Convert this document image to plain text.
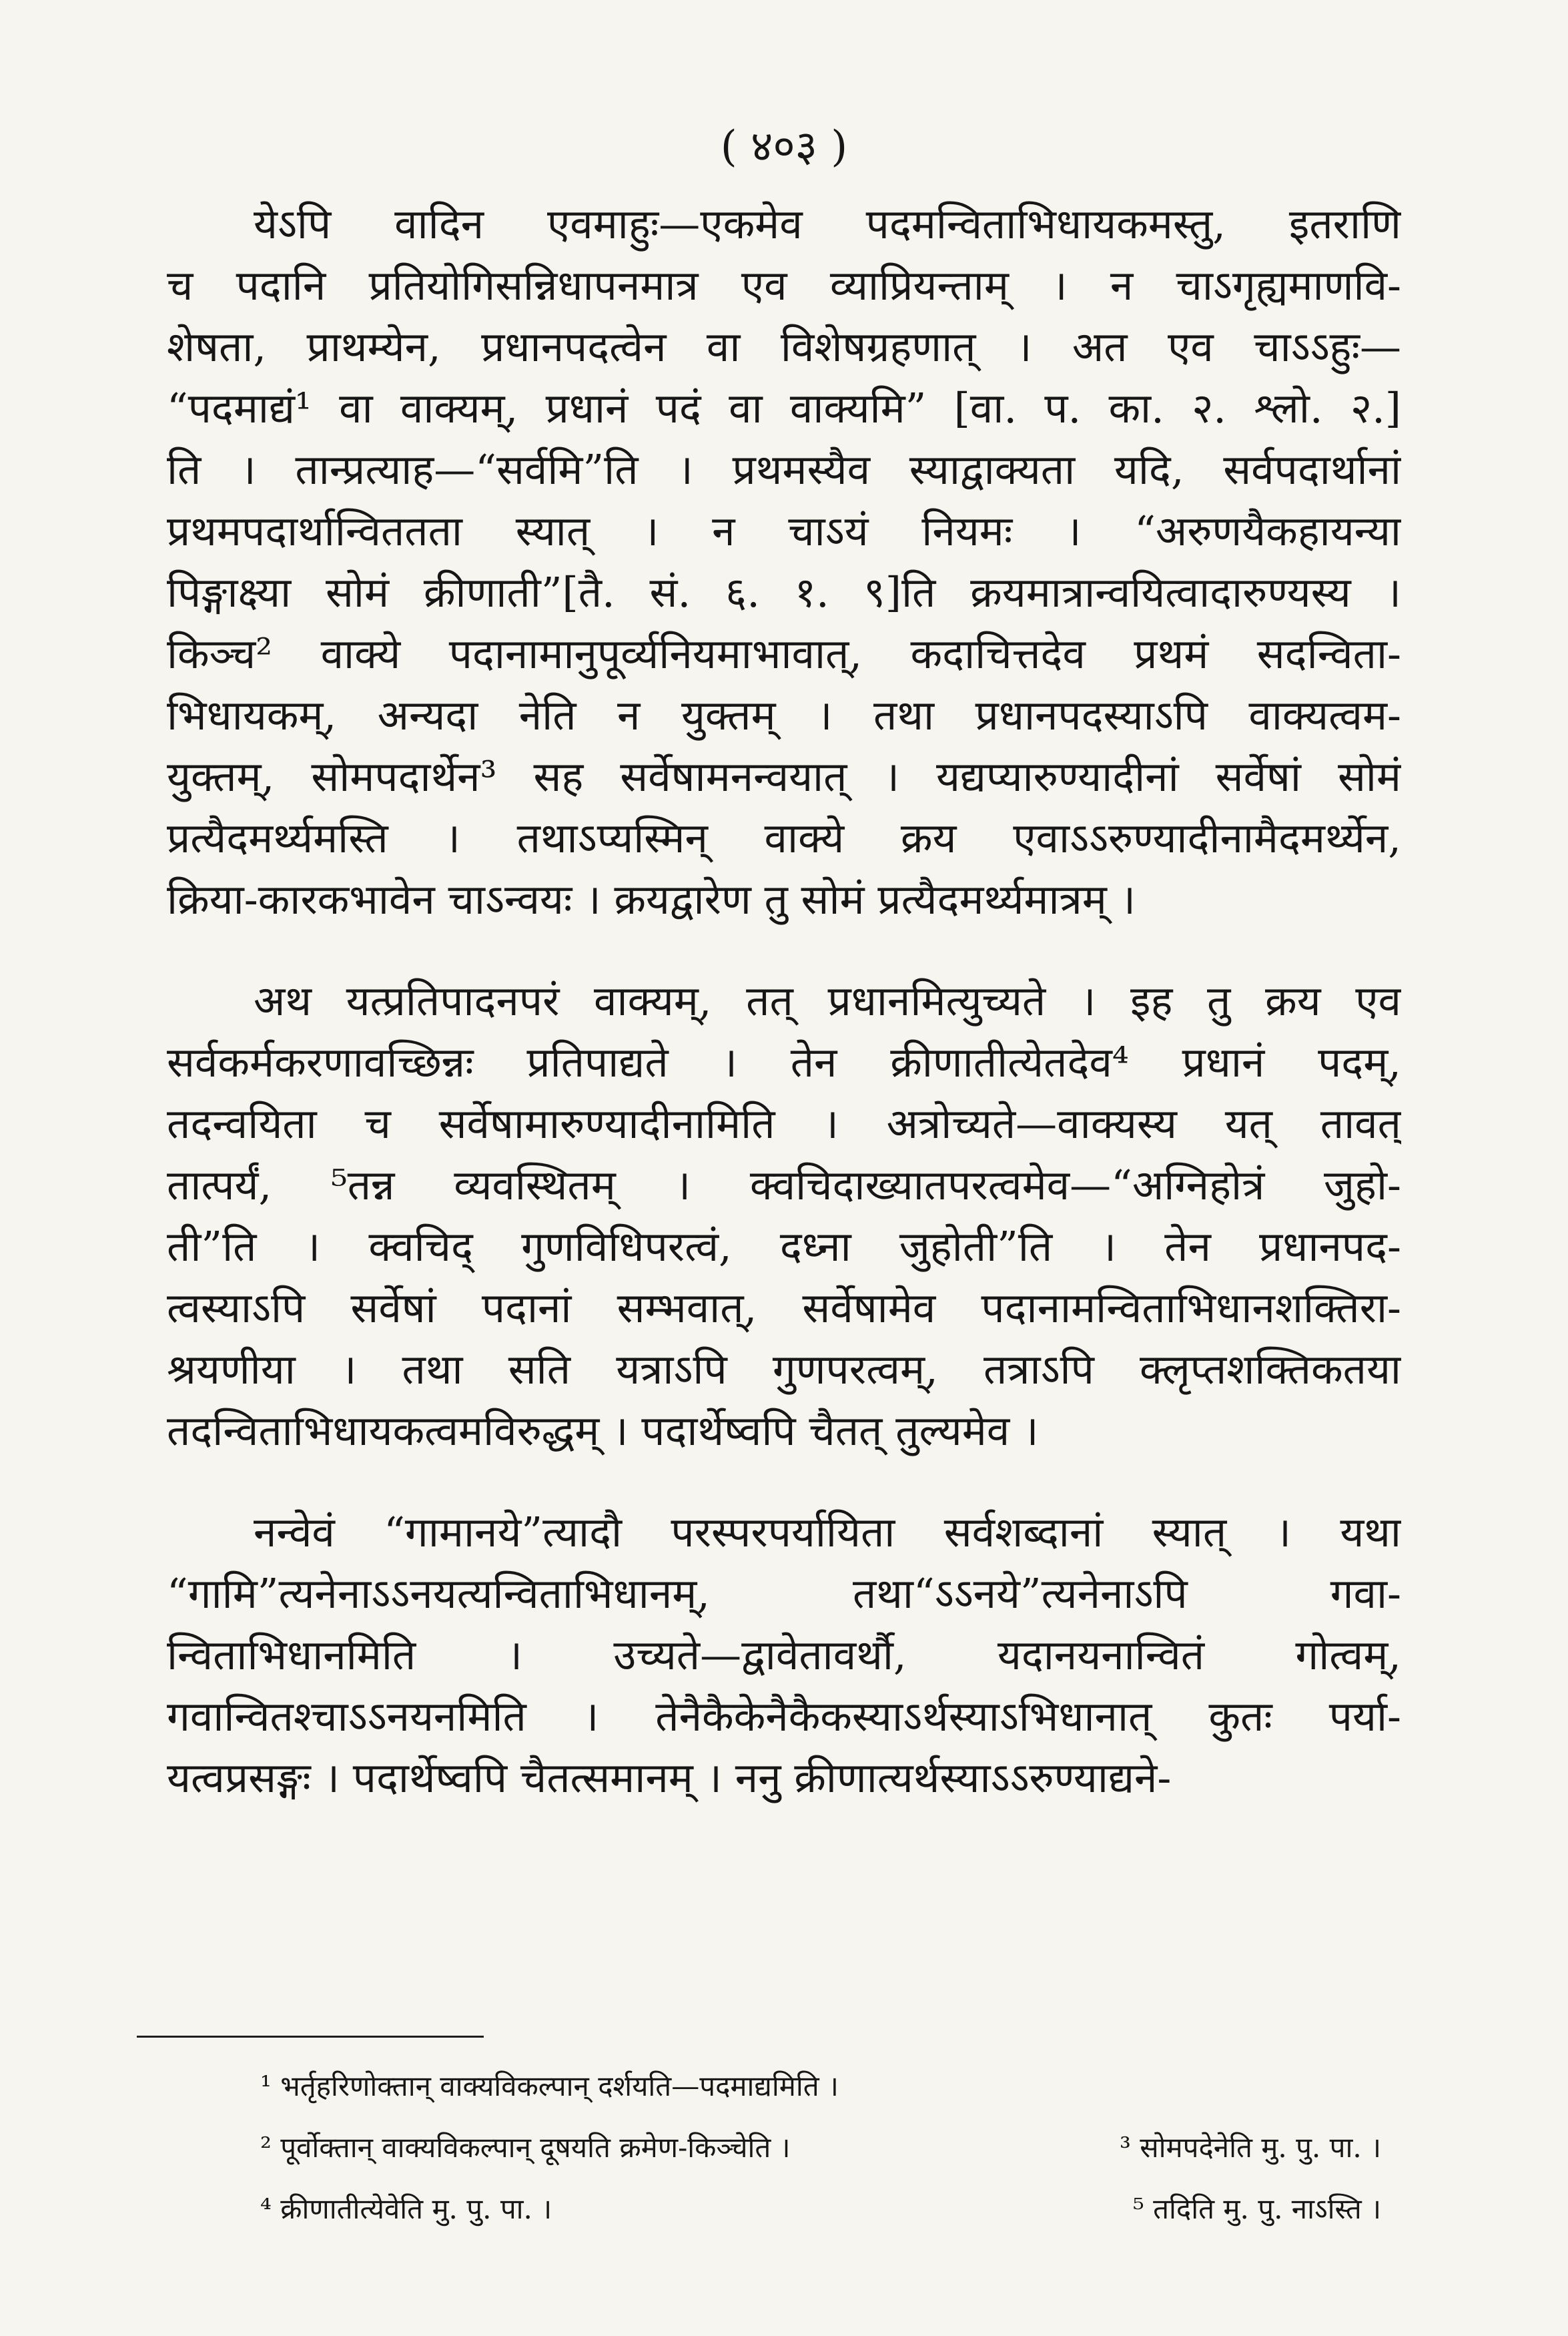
( ४०३ )
येऽपि वादिन एवमाहुः—एकमेव पदमन्विताभिधायकमस्तु, इतराणि
च पदानि प्रतियोगिसन्निधापनमात्र एव व्याप्रियन्ताम् । न चाऽगृह्यमाणवि-
शेषता, प्राथम्येन, प्रधानपदत्वेन वा विशेषग्रहणात् । अत एव चाऽऽहुः—
“पदमाद्यं¹ वा वाक्यम्, प्रधानं पदं वा वाक्यमि” [वा. प. का. २. श्लो. २.]
ति । तान्प्रत्याह—“सर्वमि”ति । प्रथमस्यैव स्याद्वाक्यता यदि, सर्वपदार्थानां
प्रथमपदार्थान्विततता स्यात् । न चाऽयं नियमः । “अरुणयैकहायन्या
पिङ्गाक्ष्या सोमं क्रीणाती”[तै. सं. ६. १. ९]ति क्रयमात्रान्वयित्वादारुण्यस्य ।
किञ्च² वाक्ये पदानामानुपूर्व्यनियमाभावात्, कदाचित्तदेव प्रथमं सदन्विता-
भिधायकम्, अन्यदा नेति न युक्तम् । तथा प्रधानपदस्याऽपि वाक्यत्वम-
युक्तम्, सोमपदार्थेन³ सह सर्वेषामनन्वयात् । यद्यप्यारुण्यादीनां सर्वेषां सोमं
प्रत्यैदमर्थ्यमस्ति । तथाऽप्यस्मिन् वाक्ये क्रय एवाऽऽरुण्यादीनामैदमर्थ्येन,
क्रिया-कारकभावेन चाऽन्वयः । क्रयद्वारेण तु सोमं प्रत्यैदमर्थ्यमात्रम् ।
अथ यत्प्रतिपादनपरं वाक्यम्, तत् प्रधानमित्युच्यते । इह तु क्रय एव
सर्वकर्मकरणावच्छिन्नः प्रतिपाद्यते । तेन क्रीणातीत्येतदेव⁴ प्रधानं पदम्,
तदन्वयिता च सर्वेषामारुण्यादीनामिति । अत्रोच्यते—वाक्यस्य यत् तावत्
तात्पर्यं, ⁵तन्न व्यवस्थितम् । क्वचिदाख्यातपरत्वमेव—“अग्निहोत्रं जुहो-
ती”ति । क्वचिद् गुणविधिपरत्वं, दध्ना जुहोती”ति । तेन प्रधानपद-
त्वस्याऽपि सर्वेषां पदानां सम्भवात्, सर्वेषामेव पदानामन्विताभिधानशक्तिरा-
श्रयणीया । तथा सति यत्राऽपि गुणपरत्वम्, तत्राऽपि क्लृप्तशक्तिकतया
तदन्विताभिधायकत्वमविरुद्धम् । पदार्थेष्वपि चैतत् तुल्यमेव ।
नन्वेवं “गामानये”त्यादौ परस्परपर्यायिता सर्वशब्दानां स्यात् । यथा
“गामि”त्यनेनाऽऽनयत्यन्विताभिधानम्, तथा“ऽऽनये”त्यनेनाऽपि गवा-
न्विताभिधानमिति । उच्यते—द्वावेतावर्थौ, यदानयनान्वितं गोत्वम्,
गवान्वितश्चाऽऽनयनमिति । तेनैकैकेनैकैकस्याऽर्थस्याऽभिधानात् कुतः पर्या-
यत्वप्रसङ्गः । पदार्थेष्वपि चैतत्समानम् । ननु क्रीणात्यर्थस्याऽऽरुण्याद्यने-
¹ भर्तृहरिणोक्तान् वाक्यविकल्पान् दर्शयति—पदमाद्यमिति ।
² पूर्वोक्तान् वाक्यविकल्पान् दूषयति क्रमेण-किञ्चेति ।	³ सोमपदेनेति मु. पु. पा. ।
⁴ क्रीणातीत्येवेति मु. पु. पा. ।	⁵ तदिति मु. पु. नाऽस्ति ।
